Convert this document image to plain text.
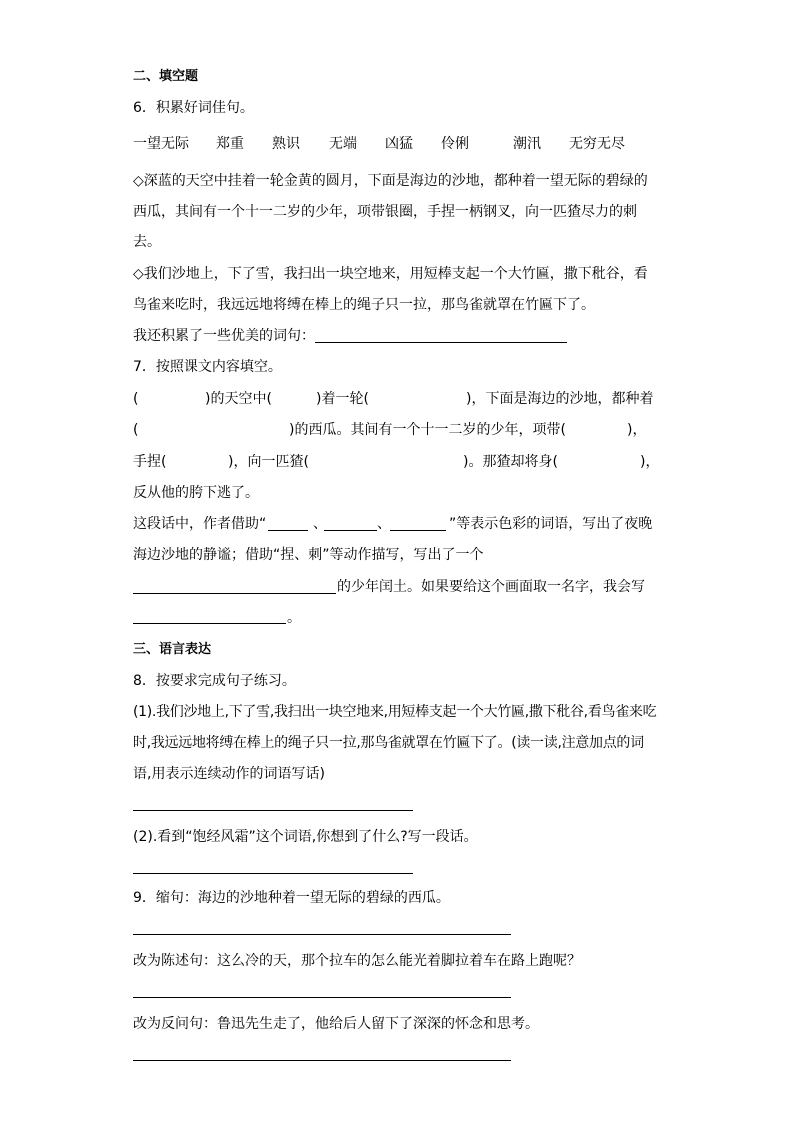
二、填空题
6．积累好词佳句。
一望无际 郑重 熟识 无端 凶猛 伶俐	潮汛 无穷无尽
◇深蓝的天空中挂着一轮金黄的圆月，下面是海边的沙地，都种着一望无际的碧绿的
西瓜，其间有一个十一二岁的少年，项带银圈，手捏一柄钢叉，向一匹猹尽力的刺
去。
◇我们沙地上，下了雪，我扫出一块空地来，用短棒支起一个大竹匾，撒下秕谷，看
鸟雀来吃时，我远远地将缚在棒上的绳子只一拉，那鸟雀就罩在竹匾下了。
我还积累了一些优美的词句：
7．按照课文内容填空。
(	)的天空中(	)着一轮(	)，下面是海边的沙地，都种着
(	)的西瓜。其间有一个十一二岁的少年，项带(	)，
手捏(	)，向一匹猹(	)。那猹却将身(	)，
反从他的胯下逃了。
这段话中，作者借助“	、	、	”等表示色彩的词语，写出了夜晚
海边沙地的静谧；借助“捏、刺”等动作描写，写出了一个
的少年闰土。如果要给这个画面取一名字，我会写
。
三、语言表达
8．按要求完成句子练习。
(1).我们沙地上,下了雪,我扫出一块空地来,用短棒支起一个大竹匾,撒下秕谷,看鸟雀来吃
时,我远远地将缚在棒上的绳子只一拉,那鸟雀就罩在竹匾下了。(读一读,注意加点的词
语,用表示连续动作的词语写话)
(2).看到“饱经风霜”这个词语,你想到了什么?写一段话。
9．缩句：海边的沙地种着一望无际的碧绿的西瓜。
改为陈述句：这么冷的天，那个拉车的怎么能光着脚拉着车在路上跑呢？
改为反问句：鲁迅先生走了，他给后人留下了深深的怀念和思考。
